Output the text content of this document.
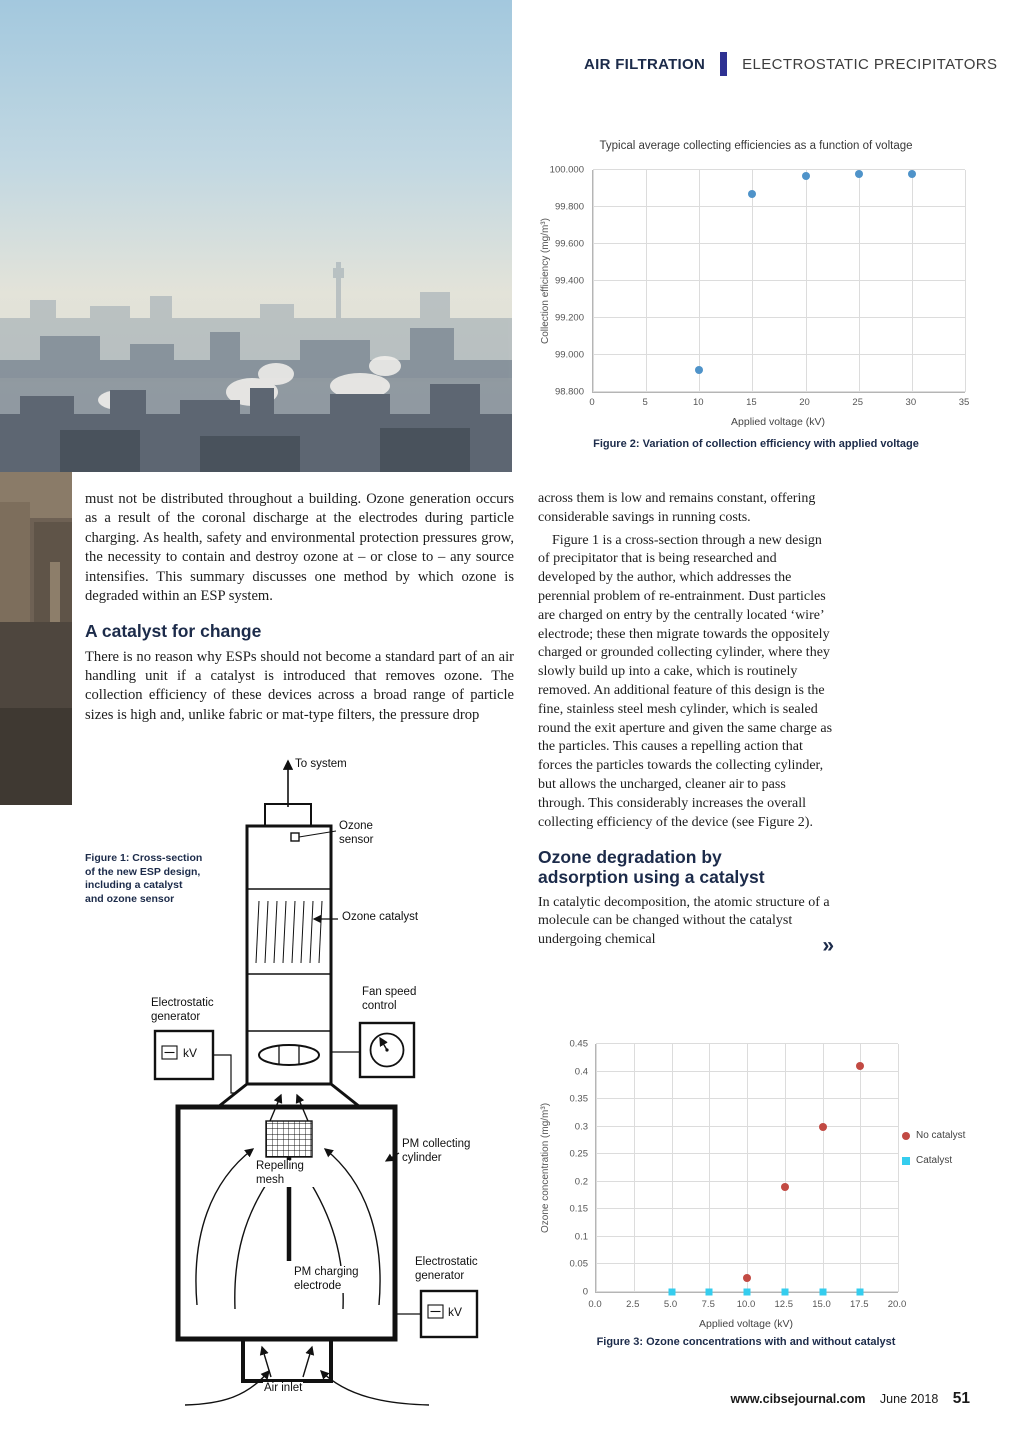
AIR FILTRATION ELECTROSTATIC PRECIPITATORS
Typical average collecting efficiencies as a function of voltage
Collection efficiency (mg/m³)
100.000
99.800
99.600
99.400
99.200
99.000
98.800
0	5	10	15	20	25	30	35
Applied voltage (kV)
Figure 2: Variation of collection efficiency with applied voltage

must not be distributed throughout a building. Ozone generation occurs as a result of the coronal discharge at the electrodes during particle charging. As health, safety and environmental protection pressures grow, the necessity to contain and destroy ozone at – or close to – any source intensifies. This summary discusses one method by which ozone is degraded within an ESP system.

A catalyst for change

There is no reason why ESPs should not become a standard part of an air handling unit if a catalyst is introduced that removes ozone. The collection efficiency of these devices across a broad range of particle sizes is high and, unlike fabric or mat-type filters, the pressure drop

across them is low and remains constant, offering considerable savings in running costs.

Figure 1 is a cross-section through a new design of precipitator that is being researched and developed by the author, which addresses the perennial problem of re-entrainment. Dust particles are charged on entry by the centrally located ‘wire’ electrode; these then migrate towards the oppositely charged or grounded collecting cylinder, where they slowly build up into a cake, which is routinely removed. An additional feature of this design is the fine, stainless steel mesh cylinder, which is sealed round the exit aperture and given the same charge as the particles. This causes a repelling action that forces the particles towards the collecting cylinder, but allows the uncharged, cleaner air to pass through. This considerably increases the overall collecting efficiency of the device (see Figure 2).

Ozone degradation by adsorption using a catalyst

In catalytic decomposition, the atomic structure of a molecule can be changed without the catalyst undergoing chemical	»
Figure 1: Cross-section of the new ESP design, including a catalyst and ozone sensor
To system
Ozone sensor
Ozone catalyst
Fan speed control
Electrostatic generator
kV
PM collecting cylinder
Repelling mesh
PM charging electrode
Electrostatic generator
kV
Air inlet
Ozone concentration (mg/m³)
0.45
0.4
0.35
0.3
0.25
0.2
0.15
0.1
0.05
0
0.0	2.5	5.0	7.5 10.0 12.5 15.0 17.5 20.0
Applied voltage (kV)
Figure 3: Ozone concentrations with and without catalyst
No catalyst
Catalyst
www.cibsejournal.com June 2018 51
